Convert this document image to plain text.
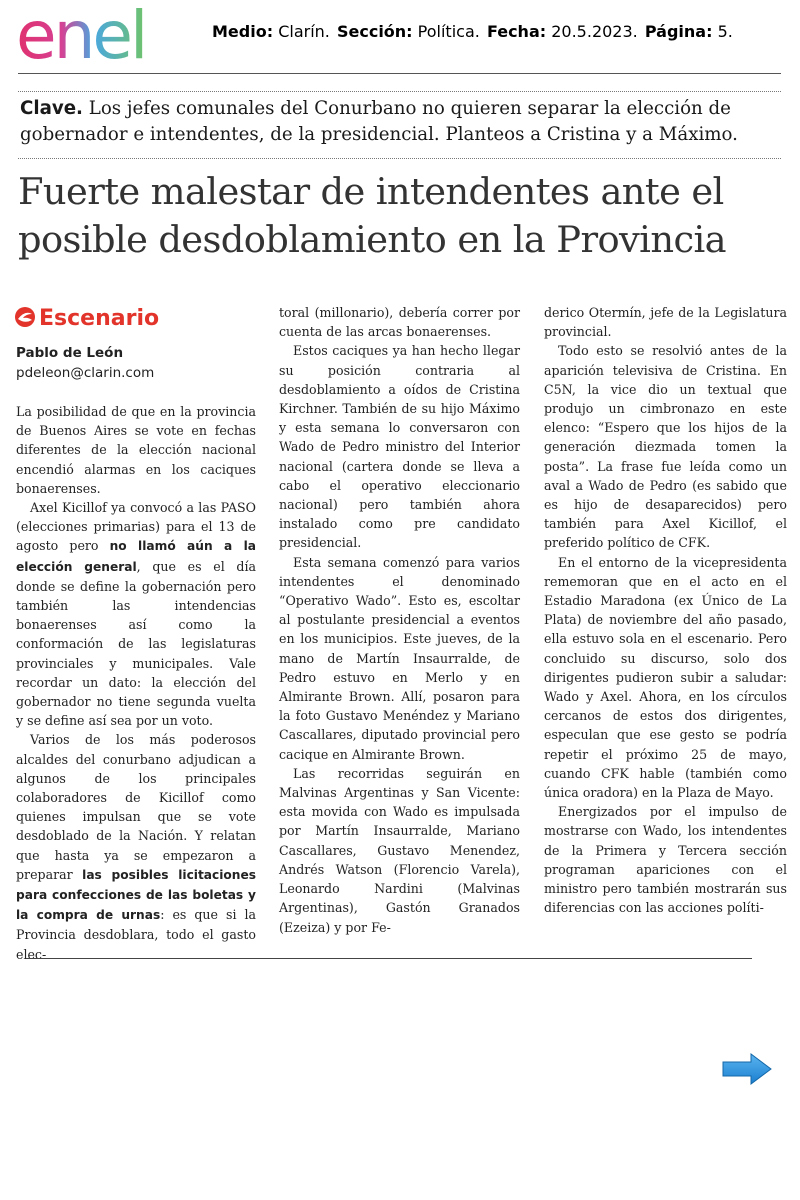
enel	Medio: Clarín. Sección: Política. Fecha: 20.5.2023. Página: 5.
Clave. Los jefes comunales del Conurbano no quieren separar la elección de gobernador e intendentes, de la presidencial. Planteos a Cristina y a Máximo.
Fuerte malestar de intendentes ante el posible desdoblamiento en la Provincia
Escenario
Pablo de León
pdeleon@clarin.com

La posibilidad de que en la provincia de Buenos Aires se vote en fechas diferentes de la elección nacional encendió alarmas en los caciques bonaerenses.

Axel Kicillof ya convocó a las PASO (elecciones primarias) para el 13 de agosto pero no llamó aún a la elección general, que es el día donde se define la gobernación pero también las intendencias bonaerenses así como la conformación de las legislaturas provinciales y municipales. Vale recordar un dato: la elección del gobernador no tiene segunda vuelta y se define así sea por un voto.

Varios de los más poderosos alcaldes del conurbano adjudican a algunos de los principales colaboradores de Kicillof como quienes impulsan que se vote desdoblado de la Nación. Y relatan que hasta ya se empezaron a preparar las posibles licitaciones para confecciones de las boletas y la compra de urnas: es que si la Provincia desdoblara, todo el gasto elec-

toral (millonario), debería correr por cuenta de las arcas bonaerenses.

Estos caciques ya han hecho llegar su posición contraria al desdoblamiento a oídos de Cristina Kirchner. También de su hijo Máximo y esta semana lo conversaron con Wado de Pedro ministro del Interior nacional (cartera donde se lleva a cabo el operativo eleccionario nacional) pero también ahora instalado como pre candidato presidencial.

Esta semana comenzó para varios intendentes el denominado “Operativo Wado”. Esto es, escoltar al postulante presidencial a eventos en los municipios. Este jueves, de la mano de Martín Insaurralde, de Pedro estuvo en Merlo y en Almirante Brown. Allí, posaron para la foto Gustavo Menéndez y Mariano Cascallares, diputado provincial pero cacique en Almirante Brown.

Las recorridas seguirán en Malvinas Argentinas y San Vicente: esta movida con Wado es impulsada por Martín Insaurralde, Mariano Cascallares, Gustavo Menendez, Andrés Watson (Florencio Varela), Leonardo Nardini (Malvinas Argentinas), Gastón Granados (Ezeiza) y por Fe-

derico Otermín, jefe de la Legislatura provincial.

Todo esto se resolvió antes de la aparición televisiva de Cristina. En C5N, la vice dio un textual que produjo un cimbronazo en este elenco: “Espero que los hijos de la generación diezmada tomen la posta”. La frase fue leída como un aval a Wado de Pedro (es sabido que es hijo de desaparecidos) pero también para Axel Kicillof, el preferido político de CFK.

En el entorno de la vicepresidenta rememoran que en el acto en el Estadio Maradona (ex Único de La Plata) de noviembre del año pasado, ella estuvo sola en el escenario. Pero concluido su discurso, solo dos dirigentes pudieron subir a saludar: Wado y Axel. Ahora, en los círculos cercanos de estos dos dirigentes, especulan que ese gesto se podría repetir el próximo 25 de mayo, cuando CFK hable (también como única oradora) en la Plaza de Mayo.

Energizados por el impulso de mostrarse con Wado, los intendentes de la Primera y Tercera sección programan apariciones con el ministro pero también mostrarán sus diferencias con las acciones políti-
